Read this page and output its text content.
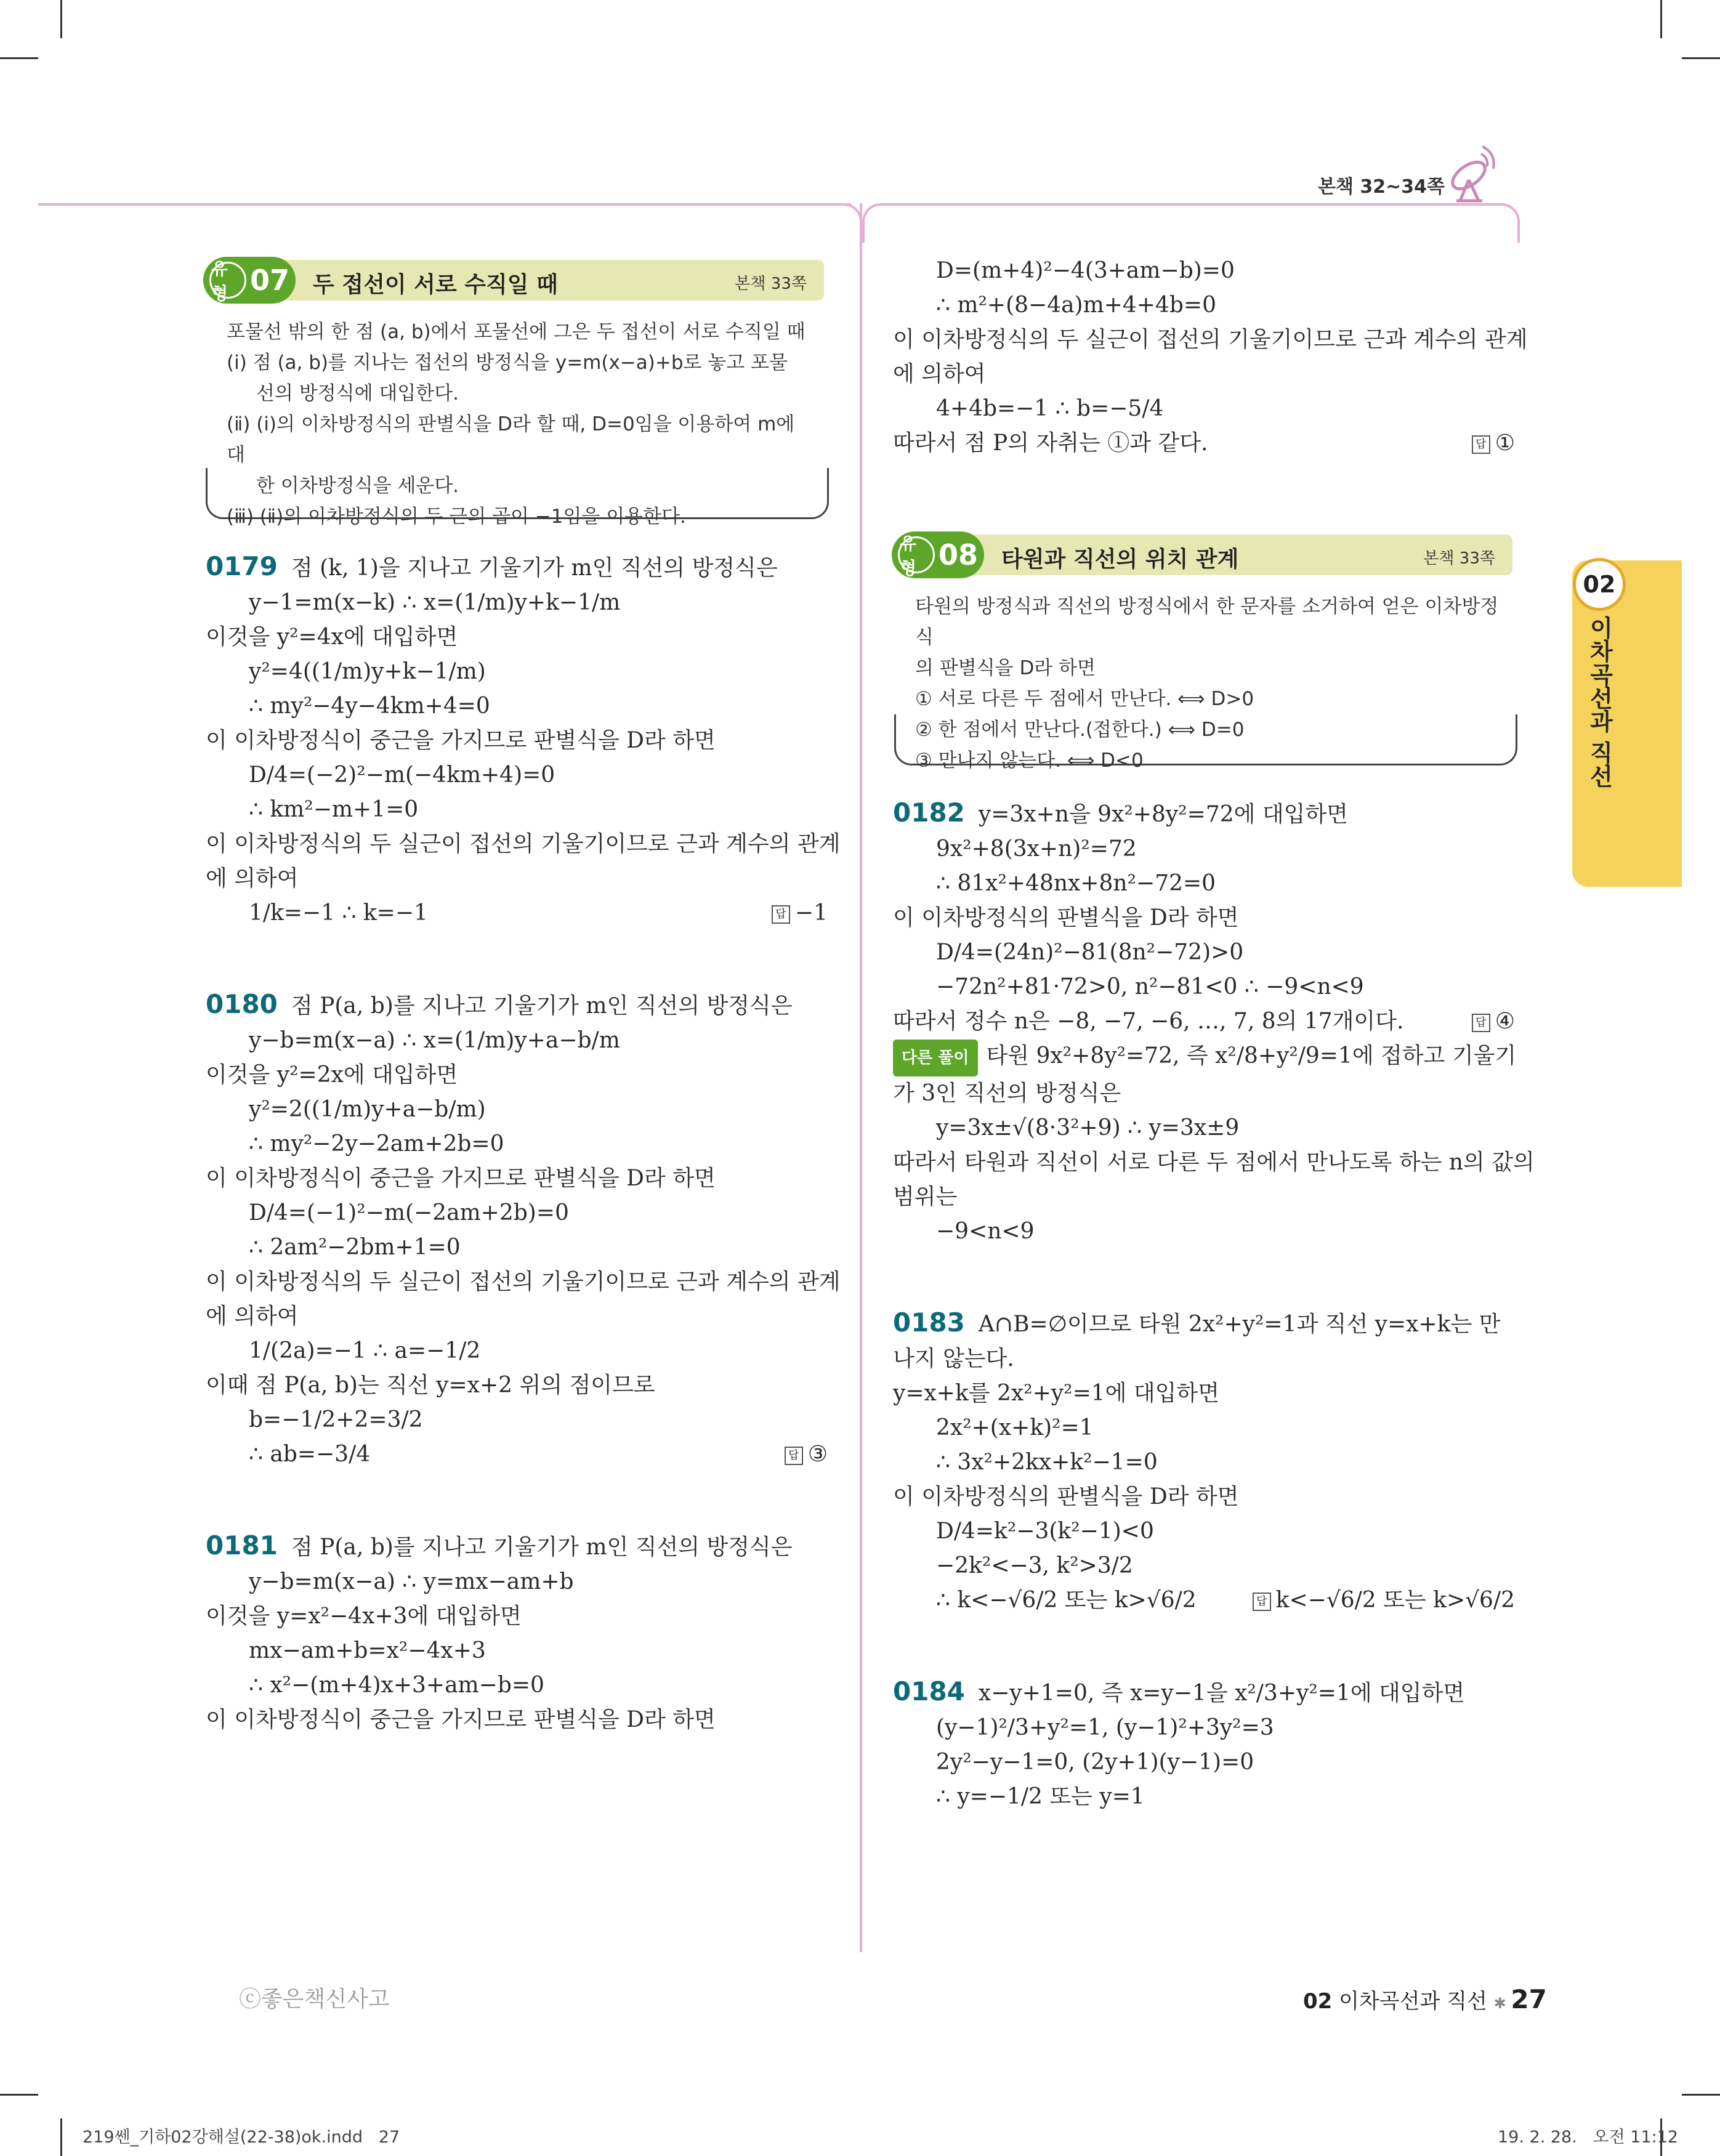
본책 32~34쪽
02
이차곡선과 직선
유형 07 두 접선이 서로 수직일 때	본책 33쪽
포물선 밖의 한 점 (a, b)에서 포물선에 그은 두 접선이 서로 수직일 때
(ⅰ) 점 (a, b)를 지나는 접선의 방정식을 y=m(x−a)+b로 놓고 포물
선의 방정식에 대입한다.
(ⅱ) (ⅰ)의 이차방정식의 판별식을 D라 할 때, D=0임을 이용하여 m에 대
한 이차방정식을 세운다.
(ⅲ) (ⅱ)의 이차방정식의 두 근의 곱이 −1임을 이용한다.
유형 08 타원과 직선의 위치 관계	본책 33쪽
타원의 방정식과 직선의 방정식에서 한 문자를 소거하여 얻은 이차방정식
의 판별식을 D라 하면
① 서로 다른 두 점에서 만난다. ⟺ D>0
② 한 점에서 만난다.(접한다.) ⟺ D=0
③ 만나지 않는다. ⟺ D<0

0179 점 (k, 1)을 지나고 기울기가 m인 직선의 방정식은

y−1=m(x−k) ∴ x=(1/m)y+k−1/m

이것을 y²=4x에 대입하면

y²=4((1/m)y+k−1/m)

∴ my²−4y−4km+4=0

이 이차방정식이 중근을 가지므로 판별식을 D라 하면

D/4=(−2)²−m(−4km+4)=0

∴ km²−m+1=0

이 이차방정식의 두 실근이 접선의 기울기이므로 근과 계수의 관계

에 의하여

1/k=−1 ∴ k=−1	답 −1

0180 점 P(a, b)를 지나고 기울기가 m인 직선의 방정식은

y−b=m(x−a) ∴ x=(1/m)y+a−b/m

이것을 y²=2x에 대입하면

y²=2((1/m)y+a−b/m)

∴ my²−2y−2am+2b=0

이 이차방정식이 중근을 가지므로 판별식을 D라 하면

D/4=(−1)²−m(−2am+2b)=0

∴ 2am²−2bm+1=0

이 이차방정식의 두 실근이 접선의 기울기이므로 근과 계수의 관계

에 의하여

1/(2a)=−1 ∴ a=−1/2

이때 점 P(a, b)는 직선 y=x+2 위의 점이므로

b=−1/2+2=3/2

∴ ab=−3/4	답 ③

0181 점 P(a, b)를 지나고 기울기가 m인 직선의 방정식은

y−b=m(x−a) ∴ y=mx−am+b

이것을 y=x²−4x+3에 대입하면

mx−am+b=x²−4x+3

∴ x²−(m+4)x+3+am−b=0

이 이차방정식이 중근을 가지므로 판별식을 D라 하면

D=(m+4)²−4(3+am−b)=0

∴ m²+(8−4a)m+4+4b=0

이 이차방정식의 두 실근이 접선의 기울기이므로 근과 계수의 관계

에 의하여

4+4b=−1 ∴ b=−5/4

따라서 점 P의 자취는 ①과 같다.	답 ①

0182 y=3x+n을 9x²+8y²=72에 대입하면

9x²+8(3x+n)²=72

∴ 81x²+48nx+8n²−72=0

이 이차방정식의 판별식을 D라 하면

D/4=(24n)²−81(8n²−72)>0

−72n²+81·72>0, n²−81<0 ∴ −9<n<9

따라서 정수 n은 −8, −7, −6, …, 7, 8의 17개이다.	답 ④

다른 풀이 타원 9x²+8y²=72, 즉 x²/8+y²/9=1에 접하고 기울기

가 3인 직선의 방정식은

y=3x±√(8·3²+9) ∴ y=3x±9

따라서 타원과 직선이 서로 다른 두 점에서 만나도록 하는 n의 값의

범위는

−9<n<9

0183 A∩B=∅이므로 타원 2x²+y²=1과 직선 y=x+k는 만

나지 않는다.

y=x+k를 2x²+y²=1에 대입하면

2x²+(x+k)²=1

∴ 3x²+2kx+k²−1=0

이 이차방정식의 판별식을 D라 하면

D/4=k²−3(k²−1)<0

−2k²<−3, k²>3/2

∴ k<−√6/2 또는 k>√6/2	답 k<−√6/2 또는 k>√6/2

0184 x−y+1=0, 즉 x=y−1을 x²/3+y²=1에 대입하면

(y−1)²/3+y²=1, (y−1)²+3y²=3

2y²−y−1=0, (2y+1)(y−1)=0

∴ y=−1/2 또는 y=1

ⓒ좋은책신사고	02 이차곡선과 직선 ✱ 27
219쎈_기하02강해설(22-38)ok.indd   27	19. 2. 28.   오전 11:12
